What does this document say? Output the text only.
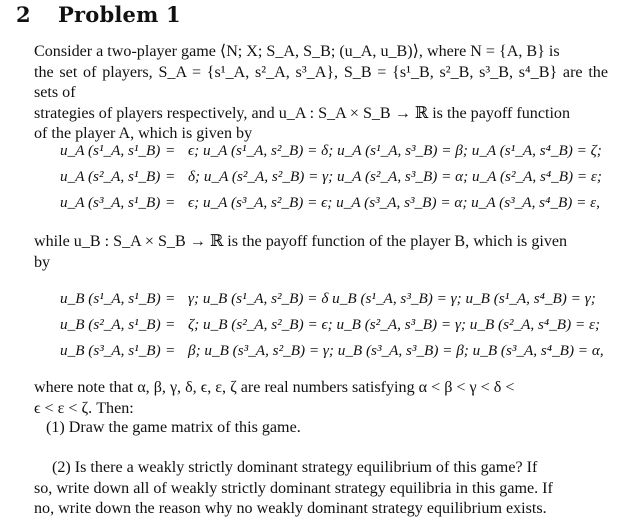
2 Problem 1
Consider a two-player game ⟨N; X; S_A, S_B; (u_A, u_B)⟩, where N = {A, B} is
the set of players, S_A = {s¹_A, s²_A, s³_A}, S_B = {s¹_B, s²_B, s³_B, s⁴_B} are the sets of
strategies of players respectively, and u_A : S_A × S_B → ℝ is the payoff function
of the player A, which is given by
u_A (s¹_A, s¹_B) = ϵ; u_A (s¹_A, s²_B) = δ; u_A (s¹_A, s³_B) = β; u_A (s¹_A, s⁴_B) = ζ;
u_A (s²_A, s¹_B) = δ; u_A (s²_A, s²_B) = γ; u_A (s²_A, s³_B) = α; u_A (s²_A, s⁴_B) = ε;
u_A (s³_A, s¹_B) = ϵ; u_A (s³_A, s²_B) = ϵ; u_A (s³_A, s³_B) = α; u_A (s³_A, s⁴_B) = ε,
while u_B : S_A × S_B → ℝ is the payoff function of the player B, which is given
by
u_B (s¹_A, s¹_B) = γ; u_B (s¹_A, s²_B) = δ u_B (s¹_A, s³_B) = γ; u_B (s¹_A, s⁴_B) = γ;
u_B (s²_A, s¹_B) = ζ; u_B (s²_A, s²_B) = ϵ; u_B (s²_A, s³_B) = γ; u_B (s²_A, s⁴_B) = ε;
u_B (s³_A, s¹_B) = β; u_B (s³_A, s²_B) = γ; u_B (s³_A, s³_B) = β; u_B (s³_A, s⁴_B) = α,
where note that α, β, γ, δ, ϵ, ε, ζ are real numbers satisfying α < β < γ < δ <
ϵ < ε < ζ. Then:
(1) Draw the game matrix of this game.
(2) Is there a weakly strictly dominant strategy equilibrium of this game? If
so, write down all of weakly strictly dominant strategy equilibria in this game. If
no, write down the reason why no weakly dominant strategy equilibrium exists.
